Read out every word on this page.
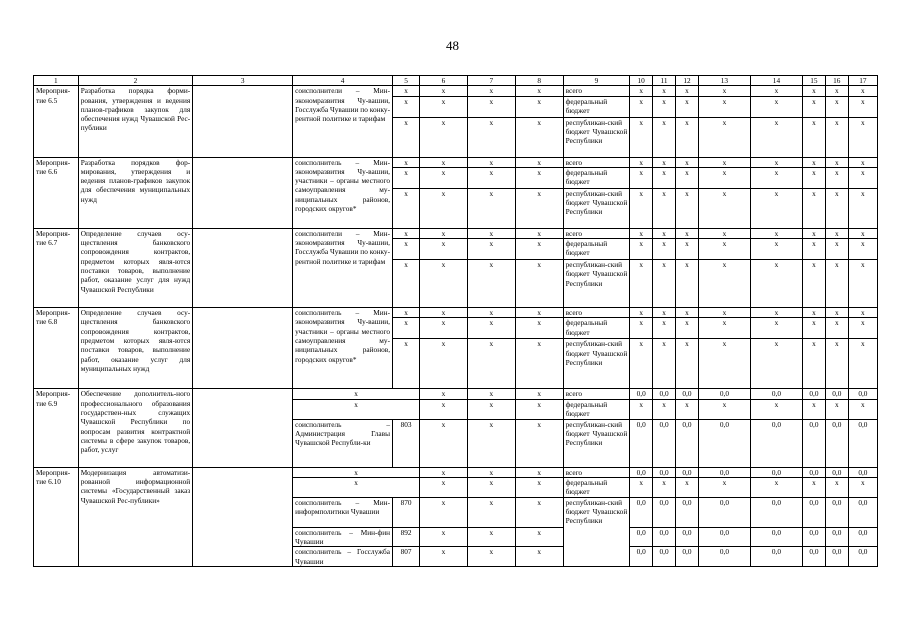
48
1	2	3	4	5	6	7	8	9	10	11	12	13	14	15	16	17
Мероприя-тие 6.5	Разработка порядка форми-рования, утверждения и ведения планов-графиков закупок для обеспечения нужд Чувашской Рес-публики		соисполнители – Мин-экономразвития Чу-вашии, Госслужба Чувашии по конку-рентной политике и тарифам	x	x	x	x	всего	x	x	x	x	x	x	x	x
				x	x	x	x	федеральный бюджет	x	x	x	x	x	x	x	x
				x	x	x	x	республикан-ский бюджет Чувашской Республики	x	x	x	x	x	x	x	x
Мероприя-тие 6.6	Разработка порядков фор-мирования, утверждения и ведения планов-графиков закупок для обеспечения муниципальных нужд		соисполнитель – Мин-экономразвития Чу-вашии, участники – органы местного самоуправления му-ниципальных районов, городских округов*	x	x	x	x	всего	x	x	x	x	x	x	x	x
				x	x	x	x	федеральный бюджет	x	x	x	x	x	x	x	x
				x	x	x	x	республикан-ский бюджет Чувашской Республики	x	x	x	x	x	x	x	x
Мероприя-тие 6.7	Определение случаев осу-ществления банковского сопровождения контрактов, предметом которых явля-ются поставки товаров, выполнение работ, оказание услуг для нужд Чувашской Республики		соисполнители – Мин-экономразвития Чу-вашии, Госслужба Чувашии по конку-рентной политике и тарифам	x	x	x	x	всего	x	x	x	x	x	x	x	x
				x	x	x	x	федеральный бюджет	x	x	x	x	x	x	x	x
				x	x	x	x	республикан-ский бюджет Чувашской Республики	x	x	x	x	x	x	x	x
Мероприя-тие 6.8	Определение случаев осу-ществления банковского сопровождения контрактов, предметом которых явля-ются поставки товаров, выполнение работ, оказание услуг для муниципальных нужд		соисполнитель – Мин-экономразвития Чу-вашии, участники – органы местного самоуправления му-ниципальных районов, городских округов*	x	x	x	x	всего	x	x	x	x	x	x	x	x
				x	x	x	x	федеральный бюджет	x	x	x	x	x	x	x	x
				x	x	x	x	республикан-ский бюджет Чувашской Республики	x	x	x	x	x	x	x	x
Мероприя-тие 6.9	Обеспечение дополнитель-ного профессионального образования государствен-ных служащих Чувашской Республики по вопросам развития контрактной системы в сфере закупок товаров, работ, услуг		x		x	x	x	всего	0,0	0,0	0,0	0,0	0,0	0,0	0,0	0,0
			x		x	x	x	федеральный бюджет	x	x	x	x	x	x	x	x
			соисполнитель – Администрация Главы Чувашской Республи-ки	803	x	x	x	республикан-ский бюджет Чувашской Республики	0,0	0,0	0,0	0,0	0,0	0,0	0,0	0,0
Мероприя-тие 6.10	Модернизация автоматизи-рованной информационной системы «Государственный заказ Чувашской Рес-публики»		x		x	x	x	всего	0,0	0,0	0,0	0,0	0,0	0,0	0,0	0,0
			x		x	x	x	федеральный бюджет	x	x	x	x	x	x	x	x
			соисполнитель – Мин-информполитики Чувашии	870	x	x	x	республикан-ский бюджет Чувашской Республики	0,0	0,0	0,0	0,0	0,0	0,0	0,0	0,0
			соисполнитель – Мин-фин Чувашии	892	x	x	x		0,0	0,0	0,0	0,0	0,0	0,0	0,0	0,0
			соисполнитель – Госслужба Чувашии	807	x	x	x		0,0	0,0	0,0	0,0	0,0	0,0	0,0	0,0
